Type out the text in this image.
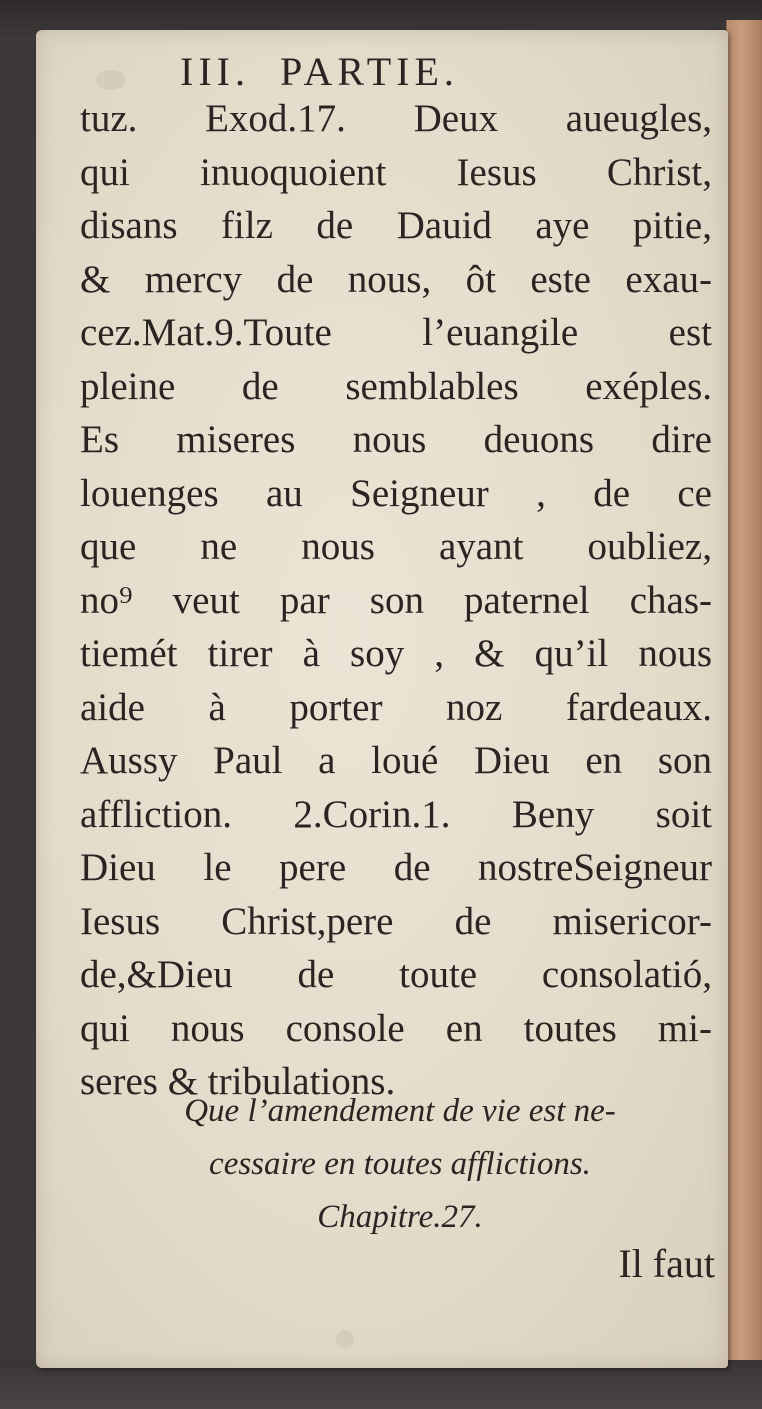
III.  PARTIE.
tuz. Exod.17. Deux aueugles,
qui inuoquoient Iesus Christ,
disans filz de Dauid aye pitie,
& mercy de nous, ôt este exau-
cez.Mat.9.Toute l’euangile est
pleine de semblables exéples.
Es miseres nous deuons dire
louenges au Seigneur , de ce
que ne nous ayant oubliez,
no⁹ veut par son paternel chas-
tiemét tirer à soy , & qu’il nous
aide à porter noz fardeaux.
Aussy Paul a loué Dieu en son
affliction. 2.Corin.1. Beny soit
Dieu le pere de nostreSeigneur
Iesus Christ,pere de misericor-
de,&Dieu de toute consolatió,
qui nous console en toutes mi-
seres & tribulations.
Que l’amendement de vie est ne-
cessaire en toutes afflictions.
Chapitre.27.
Il faut
